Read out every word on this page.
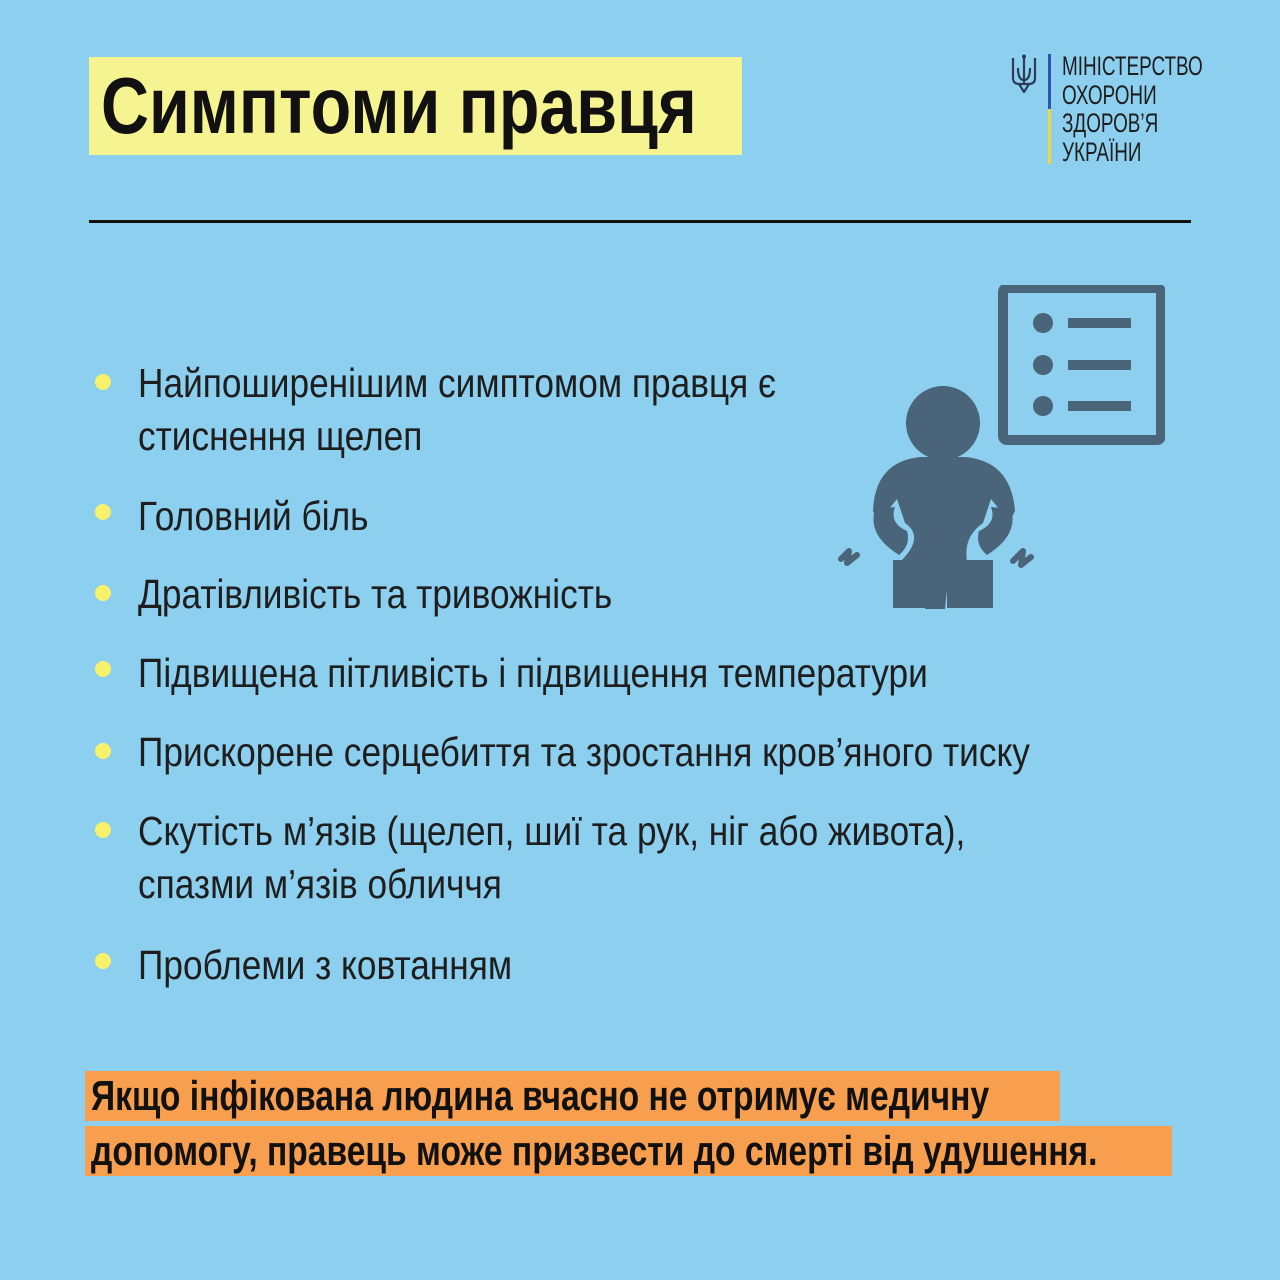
Симптоми правця	МІНІСТЕРСТВО
ОХОРОНИ
ЗДОРОВ’Я
УКРАЇНИ
Найпоширенішим симптомом правця є
стиснення щелеп
Головний біль
Дратівливість та тривожність
Підвищена пітливість і підвищення температури
Прискорене серцебиття та зростання кров’яного тиску
Скутість м’язів (щелеп, шиї та рук, ніг або живота),
спазми м’язів обличчя
Проблеми з ковтанням
Якщо інфікована людина вчасно не отримує медичну
допомогу, правець може призвести до смерті від удушення.
